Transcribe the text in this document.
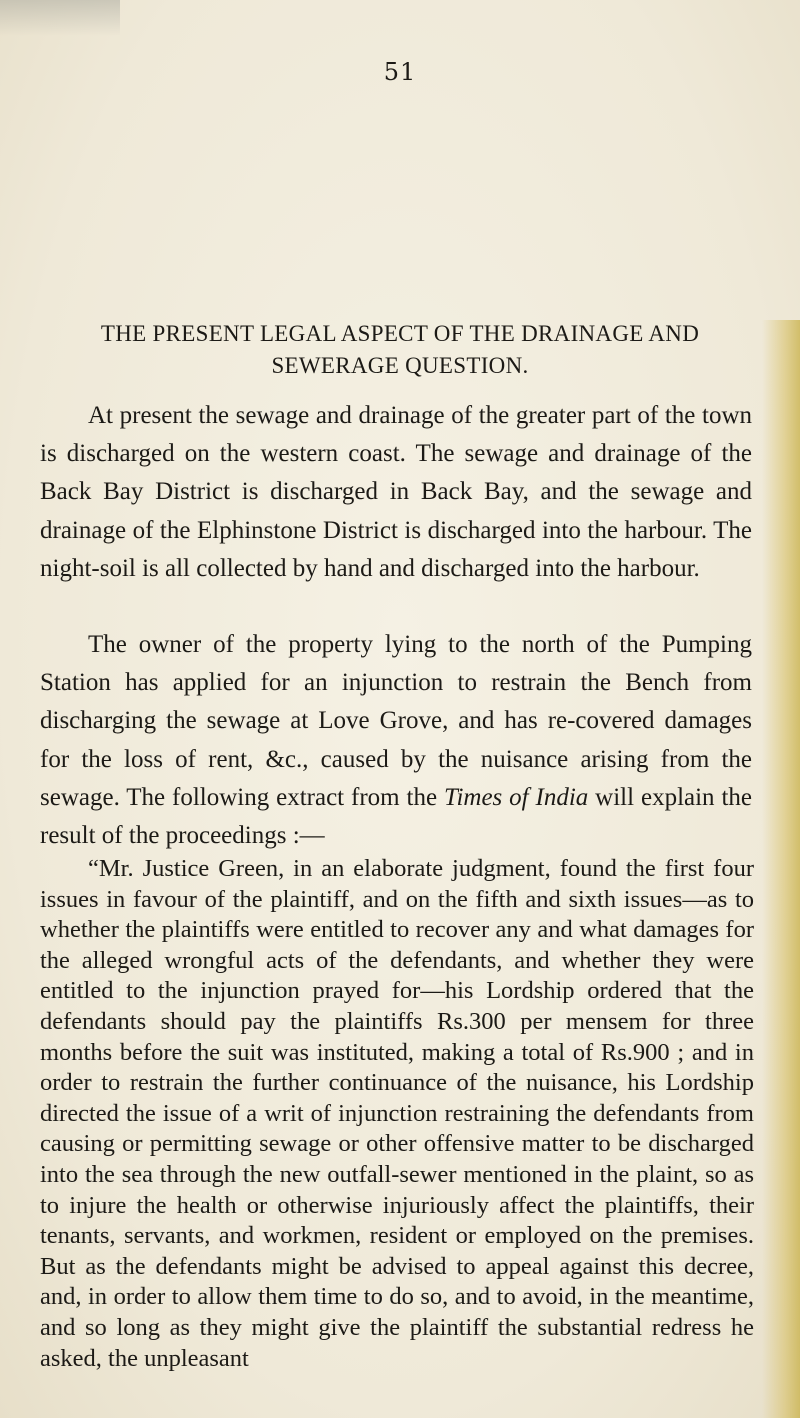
51
THE PRESENT LEGAL ASPECT OF THE DRAINAGE AND SEWERAGE QUESTION.

At present the sewage and drainage of the greater part of the town is discharged on the western coast. The sewage and drainage of the Back Bay District is discharged in Back Bay, and the sewage and drainage of the Elphinstone District is discharged into the harbour. The night-soil is all collected by hand and discharged into the harbour.

The owner of the property lying to the north of the Pumping Station has applied for an injunction to restrain the Bench from discharging the sewage at Love Grove, and has re-covered damages for the loss of rent, &c., caused by the nuisance arising from the sewage. The following extract from the Times of India will explain the result of the proceedings :—

“Mr. Justice Green, in an elaborate judgment, found the first four issues in favour of the plaintiff, and on the fifth and sixth issues—as to whether the plaintiffs were entitled to recover any and what damages for the alleged wrongful acts of the defendants, and whether they were entitled to the injunction prayed for—his Lordship ordered that the defendants should pay the plaintiffs Rs.300 per mensem for three months before the suit was instituted, making a total of Rs.900 ; and in order to restrain the further continuance of the nuisance, his Lordship directed the issue of a writ of injunction restraining the defendants from causing or permitting sewage or other offensive matter to be discharged into the sea through the new outfall-sewer mentioned in the plaint, so as to injure the health or otherwise injuriously affect the plaintiffs, their tenants, servants, and workmen, resident or employed on the premises. But as the defendants might be advised to appeal against this decree, and, in order to allow them time to do so, and to avoid, in the meantime, and so long as they might give the plaintiff the substantial redress he asked, the unpleasant
